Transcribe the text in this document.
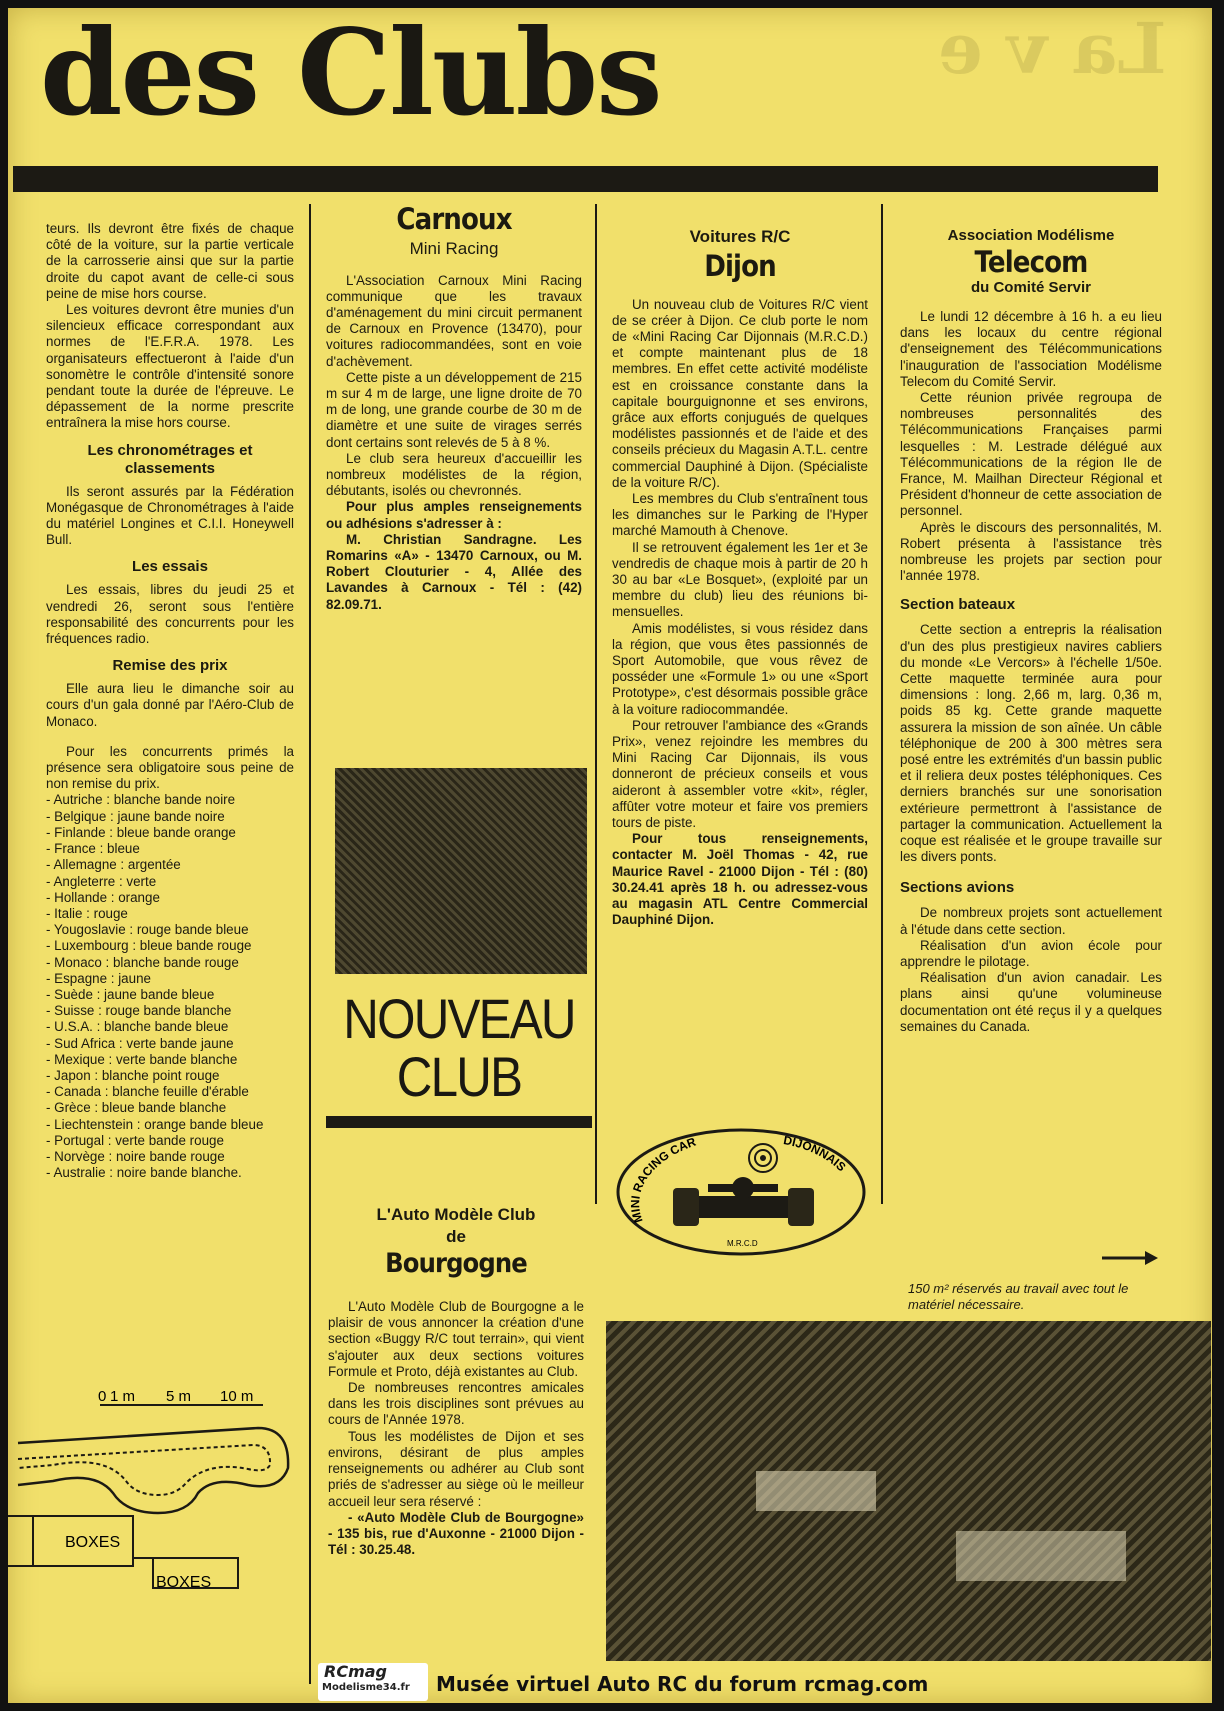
La v e
des Clubs

teurs. Ils devront être fixés de chaque côté de la voiture, sur la partie verticale de la carrosserie ainsi que sur la partie droite du capot avant de celle-ci sous peine de mise hors course.

Les voitures devront être munies d'un silencieux efficace correspondant aux normes de l'E.F.R.A. 1978. Les organisateurs effectueront à l'aide d'un sonomètre le contrôle d'intensité sonore pendant toute la durée de l'épreuve. Le dépassement de la norme prescrite entraînera la mise hors course.

Les chronométrages et classements

Ils seront assurés par la Fédération Monégasque de Chronométrages à l'aide du matériel Longines et C.I.I. Honeywell Bull.

Les essais

Les essais, libres du jeudi 25 et vendredi 26, seront sous l'entière responsabilité des concurrents pour les fréquences radio.

Remise des prix

Elle aura lieu le dimanche soir au cours d'un gala donné par l'Aéro-Club de Monaco.

Pour les concurrents primés la présence sera obligatoire sous peine de non remise du prix.

- Autriche : blanche bande noire
- Belgique : jaune bande noire
- Finlande : bleue bande orange
- France : bleue
- Allemagne : argentée
- Angleterre : verte
- Hollande : orange
- Italie : rouge
- Yougoslavie : rouge bande bleue
- Luxembourg : bleue bande rouge
- Monaco : blanche bande rouge
- Espagne : jaune
- Suède : jaune bande bleue
- Suisse : rouge bande blanche
- U.S.A. : blanche bande bleue
- Sud Africa : verte bande jaune
- Mexique : verte bande blanche
- Japon : blanche point rouge
- Canada : blanche feuille d'érable
- Grèce : bleue bande blanche
- Liechtenstein : orange bande bleue
- Portugal : verte bande rouge
- Norvège : noire bande rouge
- Australie : noire bande blanche.
0 1 m 5 m 10 m
BOXES
BOXES
Carnoux
Mini Racing

L'Association Carnoux Mini Racing communique que les travaux d'aménagement du mini circuit permanent de Carnoux en Provence (13470), pour voitures radiocommandées, sont en voie d'achèvement.

Cette piste a un développement de 215 m sur 4 m de large, une ligne droite de 70 m de long, une grande courbe de 30 m de diamètre et une suite de virages serrés dont certains sont relevés de 5 à 8 %.

Le club sera heureux d'accueillir les nombreux modélistes de la région, débutants, isolés ou chevronnés.

Pour plus amples renseignements ou adhésions s'adresser à :

M. Christian Sandragne. Les Romarins «A» - 13470 Carnoux, ou M. Robert Clouturier - 4, Allée des Lavandes à Carnoux - Tél : (42) 82.09.71.

NOUVEAU
CLUB
L'Auto Modèle Club
de
Bourgogne

L'Auto Modèle Club de Bourgogne a le plaisir de vous annoncer la création d'une section «Buggy R/C tout terrain», qui vient s'ajouter aux deux sections voitures Formule et Proto, déjà existantes au Club.

De nombreuses rencontres amicales dans les trois disciplines sont prévues au cours de l'Année 1978.

Tous les modélistes de Dijon et ses environs, désirant de plus amples renseignements ou adhérer au Club sont priés de s'adresser au siège où le meilleur accueil leur sera réservé :

- «Auto Modèle Club de Bourgogne» - 135 bis, rue d'Auxonne - 21000 Dijon - Tél : 30.25.48.

Voitures R/C
Dijon

Un nouveau club de Voitures R/C vient de se créer à Dijon. Ce club porte le nom de «Mini Racing Car Dijonnais (M.R.C.D.) et compte maintenant plus de 18 membres. En effet cette activité modéliste est en croissance constante dans la capitale bourguignonne et ses environs, grâce aux efforts conjugués de quelques modélistes passionnés et de l'aide et des conseils précieux du Magasin A.T.L. centre commercial Dauphiné à Dijon. (Spécialiste de la voiture R/C).

Les membres du Club s'entraînent tous les dimanches sur le Parking de l'Hyper marché Mamouth à Chenove.

Il se retrouvent également les 1er et 3e vendredis de chaque mois à partir de 20 h 30 au bar «Le Bosquet», (exploité par un membre du club) lieu des réunions bi-mensuelles.

Amis modélistes, si vous résidez dans la région, que vous êtes passionnés de Sport Automobile, que vous rêvez de posséder une «Formule 1» ou une «Sport Prototype», c'est désormais possible grâce à la voiture radiocommandée.

Pour retrouver l'ambiance des «Grands Prix», venez rejoindre les membres du Mini Racing Car Dijonnais, ils vous donneront de précieux conseils et vous aideront à assembler votre «kit», régler, affûter votre moteur et faire vos premiers tours de piste.

Pour tous renseignements, contacter M. Joël Thomas - 42, rue Maurice Ravel - 21000 Dijon - Tél : (80) 30.24.41 après 18 h. ou adressez-vous au magasin ATL Centre Commercial Dauphiné Dijon.

MINI RACING CAR	DIJONNAIS
M.R.C.D
Association Modélisme
Telecom
du Comité Servir

Le lundi 12 décembre à 16 h. a eu lieu dans les locaux du centre régional d'enseignement des Télécommunications l'inauguration de l'association Modélisme Telecom du Comité Servir.

Cette réunion privée regroupa de nombreuses personnalités des Télécommunications Françaises parmi lesquelles : M. Lestrade délégué aux Télécommunications de la région Ile de France, M. Mailhan Directeur Régional et Président d'honneur de cette association de personnel.

Après le discours des personnalités, M. Robert présenta à l'assistance très nombreuse les projets par section pour l'année 1978.

Section bateaux

Cette section a entrepris la réalisation d'un des plus prestigieux navires cabliers du monde «Le Vercors» à l'échelle 1/50e. Cette maquette terminée aura pour dimensions : long. 2,66 m, larg. 0,36 m, poids 85 kg. Cette grande maquette assurera la mission de son aînée. Un câble téléphonique de 200 à 300 mètres sera posé entre les extrémités d'un bassin public et il reliera deux postes téléphoniques. Ces derniers branchés sur une sonorisation extérieure permettront à l'assistance de partager la communication. Actuellement la coque est réalisée et le groupe travaille sur les divers ponts.

Sections avions

De nombreux projets sont actuellement à l'étude dans cette section.

Réalisation d'un avion école pour apprendre le pilotage.

Réalisation d'un avion canadair. Les plans ainsi qu'une volumineuse documentation ont été reçus il y a quelques semaines du Canada.

150 m² réservés au travail avec tout le matériel nécessaire.
RCmag
Modelisme34.fr	Musée virtuel Auto RC du forum rcmag.com
